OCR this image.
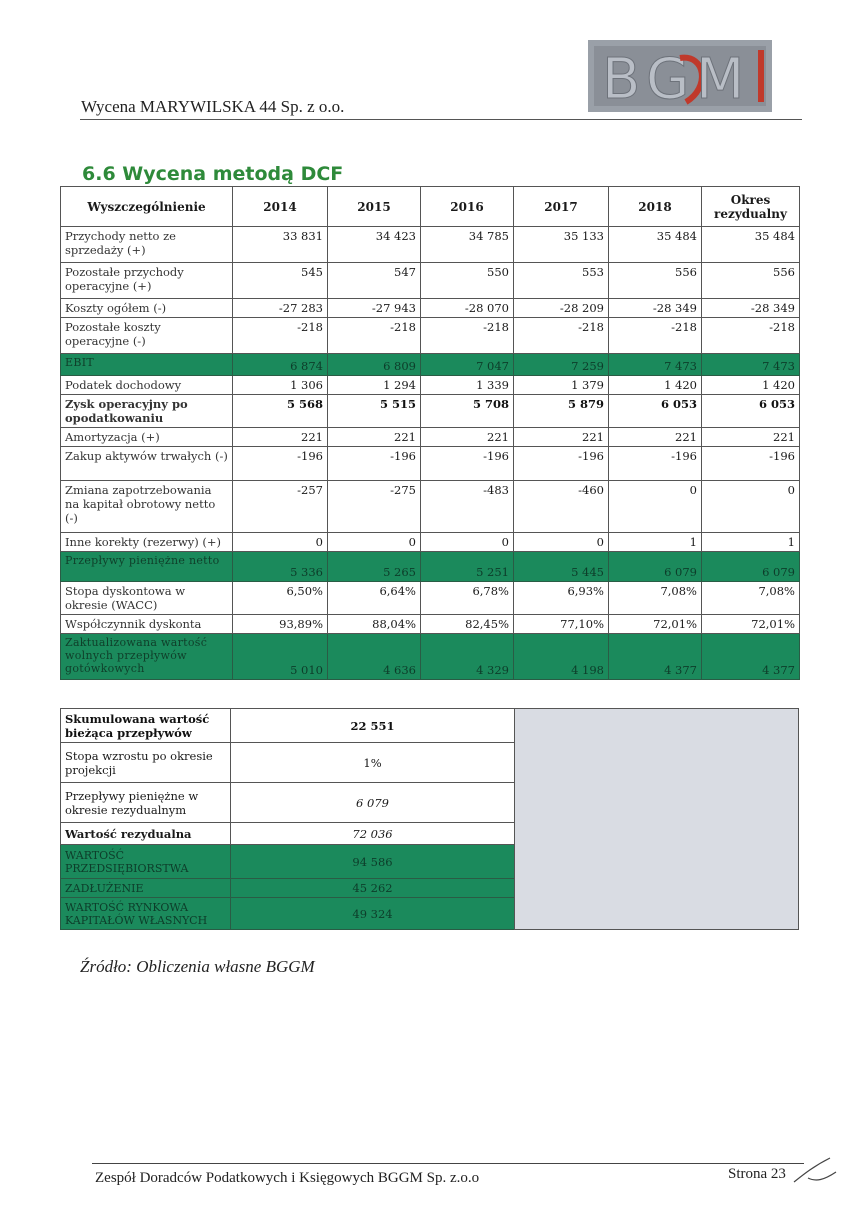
Wycena MARYWILSKA 44 Sp. z o.o.	B G M
6.6 Wycena metodą DCF
Wyszczególnienie	2014	2015	2016	2017	2018	Okres rezydualny
Przychody netto ze sprzedaży (+)	33 831	34 423	34 785	35 133	35 484	35 484
Pozostałe przychody operacyjne (+)	545	547	550	553	556	556
Koszty ogółem (-)	-27 283	-27 943	-28 070	-28 209	-28 349	-28 349
Pozostałe koszty operacyjne (-)	-218	-218	-218	-218	-218	-218
EBIT	6 874	6 809	7 047	7 259	7 473	7 473
Podatek dochodowy	1 306	1 294	1 339	1 379	1 420	1 420
Zysk operacyjny po opodatkowaniu	5 568	5 515	5 708	5 879	6 053	6 053
Amortyzacja (+)	221	221	221	221	221	221
Zakup aktywów trwałych (-)	-196	-196	-196	-196	-196	-196
Zmiana zapotrzebowania na kapitał obrotowy netto (-)	-257	-275	-483	-460	0	0
Inne korekty (rezerwy) (+)	0	0	0	0	1	1
Przepływy pieniężne netto	5 336	5 265	5 251	5 445	6 079	6 079
Stopa dyskontowa w okresie (WACC)	6,50%	6,64%	6,78%	6,93%	7,08%	7,08%
Współczynnik dyskonta	93,89%	88,04%	82,45%	77,10%	72,01%	72,01%
Zaktualizowana wartość wolnych przepływów gotówkowych	5 010	4 636	4 329	4 198	4 377	4 377
Skumulowana wartość bieżąca przepływów	22 551
Stopa wzrostu po okresie projekcji	1%
Przepływy pieniężne w okresie rezydualnym	6 079
Wartość rezydualna	72 036
WARTOŚĆ PRZEDSIĘBIORSTWA	94 586
ZADŁUŻENIE	45 262
WARTOŚĆ RYNKOWA KAPITAŁÓW WŁASNYCH	49 324
Źródło: Obliczenia własne BGGM
Zespół Doradców Podatkowych i Księgowych BGGM Sp. z.o.o	Strona 23
